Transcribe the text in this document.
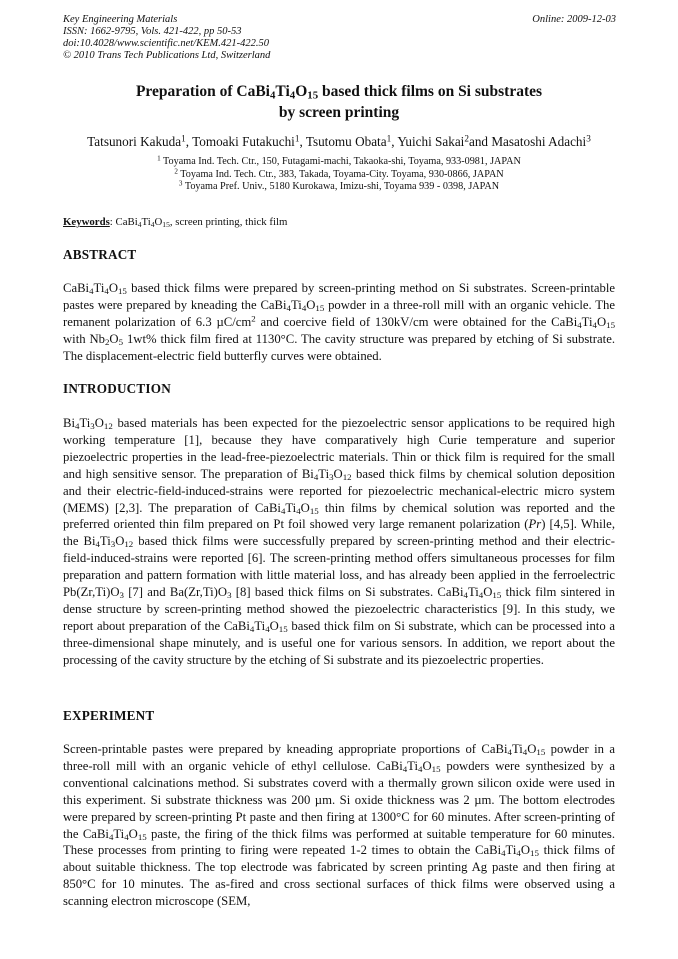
Key Engineering Materials
ISSN: 1662-9795, Vols. 421-422, pp 50-53
doi:10.4028/www.scientific.net/KEM.421-422.50
© 2010 Trans Tech Publications Ltd, Switzerland
Online: 2009-12-03
Preparation of $CaBi_4Ti_4O_{15}$ based thick films on Si substrates
by screen printing
Tatsunori Kakuda$^1$, Tomoaki Futakuchi$^1$, Tsutomu Obata$^1$, Yuichi Sakai$^2$and Masatoshi Adachi$^3$
$^1$ Toyama Ind. Tech. Ctr., 150, Futagami-machi, Takaoka-shi, Toyama, 933-0981, JAPAN
$^2$ Toyama Ind. Tech. Ctr., 383, Takada, Toyama-City. Toyama, 930-0866, JAPAN
$^3$ Toyama Pref. Univ., 5180 Kurokawa, Imizu-shi, Toyama 939 - 0398, JAPAN
Keywords: $CaBi_4Ti_4O_{15}$, screen printing, thick film
ABSTRACT

$CaBi_4Ti_4O_{15}$ based thick films were prepared by screen-printing method on Si substrates. Screen-printable pastes were prepared by kneading the $CaBi_4Ti_4O_{15}$ powder in a three-roll mill with an organic vehicle. The remanent polarization of 6.3 $\mu C/cm^2$ and coercive field of 130kV/cm were obtained for the $CaBi_4Ti_4O_{15}$ with $Nb_2O_5$ 1wt% thick film fired at 1130°C. The cavity structure was prepared by etching of Si substrate. The displacement-electric field butterfly curves were obtained.

INTRODUCTION

$Bi_4Ti_3O_{12}$ based materials has been expected for the piezoelectric sensor applications to be required high working temperature [1], because they have comparatively high Curie temperature and superior piezoelectric properties in the lead-free-piezoelectric materials. Thin or thick film is required for the small and high sensitive sensor. The preparation of $Bi_4Ti_3O_{12}$ based thick films by chemical solution deposition and their electric-field-induced-strains were reported for piezoelectric mechanical-electric micro system (MEMS) [2,3]. The preparation of $CaBi_4Ti_4O_{15}$ thin films by chemical solution was reported and the preferred oriented thin film prepared on Pt foil showed very large remanent polarization (Pr) [4,5]. While, the $Bi_4Ti_3O_{12}$ based thick films were successfully prepared by screen-printing method and their electric-field-induced-strains were reported [6]. The screen-printing method offers simultaneous processes for film preparation and pattern formation with little material loss, and has already been applied in the ferroelectric $Pb(Zr,Ti)O_3$ [7] and $Ba(Zr,Ti)O_3$ [8] based thick films on Si substrates. $CaBi_4Ti_4O_{15}$ thick film sintered in dense structure by screen-printing method showed the piezoelectric characteristics [9]. In this study, we report about preparation of the $CaBi_4Ti_4O_{15}$ based thick film on Si substrate, which can be processed into a three-dimensional shape minutely, and is useful one for various sensors. In addition, we report about the processing of the cavity structure by the etching of Si substrate and its piezoelectric properties.

EXPERIMENT

Screen-printable pastes were prepared by kneading appropriate proportions of $CaBi_4Ti_4O_{15}$ powder in a three-roll mill with an organic vehicle of ethyl cellulose. $CaBi_4Ti_4O_{15}$ powders were synthesized by a conventional calcinations method. Si substrates coverd with a thermally grown silicon oxide were used in this experiment. Si substrate thickness was 200 µm. Si oxide thickness was 2 µm. The bottom electrodes were prepared by screen-printing Pt paste and then firing at 1300°C for 60 minutes. After screen-printing of the $CaBi_4Ti_4O_{15}$ paste, the firing of the thick films was performed at suitable temperature for 60 minutes. These processes from printing to firing were repeated 1-2 times to obtain the $CaBi_4Ti_4O_{15}$ thick films of about suitable thickness. The top electrode was fabricated by screen printing Ag paste and then firing at 850°C for 10 minutes. The as-fired and cross sectional surfaces of thick films were observed using a scanning electron microscope (SEM,
